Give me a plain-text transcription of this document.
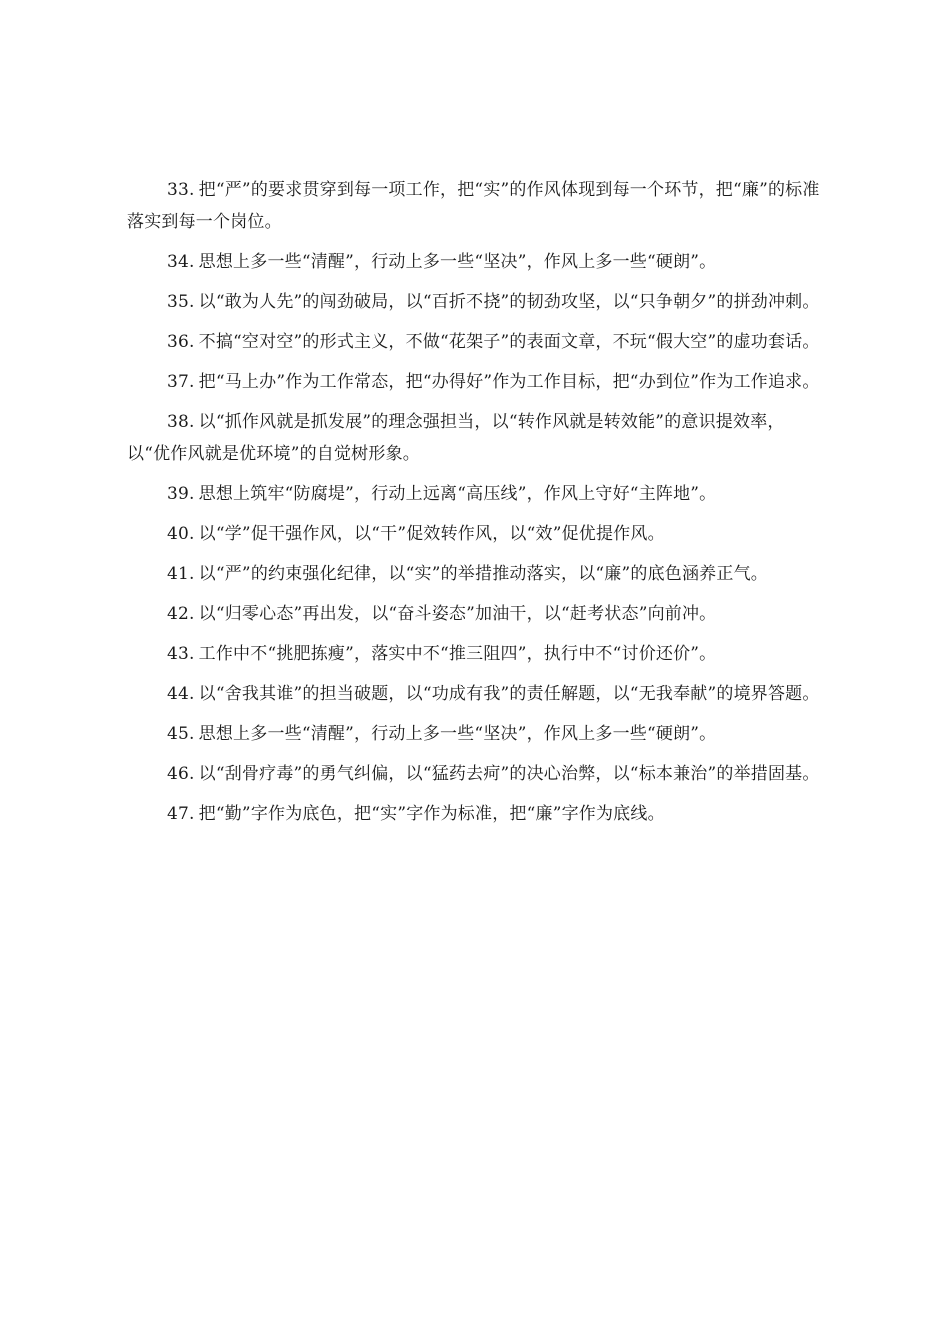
33. 把“严”的要求贯穿到每一项工作，把“实”的作风体现到每一个环节，把“廉”的标准落实到每一个岗位。

34. 思想上多一些“清醒”，行动上多一些“坚决”，作风上多一些“硬朗”。

35. 以“敢为人先”的闯劲破局，以“百折不挠”的韧劲攻坚，以“只争朝夕”的拼劲冲刺。

36. 不搞“空对空”的形式主义，不做“花架子”的表面文章，不玩“假大空”的虚功套话。

37. 把“马上办”作为工作常态，把“办得好”作为工作目标，把“办到位”作为工作追求。

38. 以“抓作风就是抓发展”的理念强担当，以“转作风就是转效能”的意识提效率，以“优作风就是优环境”的自觉树形象。

39. 思想上筑牢“防腐堤”，行动上远离“高压线”，作风上守好“主阵地”。

40. 以“学”促干强作风，以“干”促效转作风，以“效”促优提作风。

41. 以“严”的约束强化纪律，以“实”的举措推动落实，以“廉”的底色涵养正气。

42. 以“归零心态”再出发，以“奋斗姿态”加油干，以“赶考状态”向前冲。

43. 工作中不“挑肥拣瘦”，落实中不“推三阻四”，执行中不“讨价还价”。

44. 以“舍我其谁”的担当破题，以“功成有我”的责任解题，以“无我奉献”的境界答题。

45. 思想上多一些“清醒”，行动上多一些“坚决”，作风上多一些“硬朗”。

46. 以“刮骨疗毒”的勇气纠偏，以“猛药去疴”的决心治弊，以“标本兼治”的举措固基。

47. 把“勤”字作为底色，把“实”字作为标准，把“廉”字作为底线。
